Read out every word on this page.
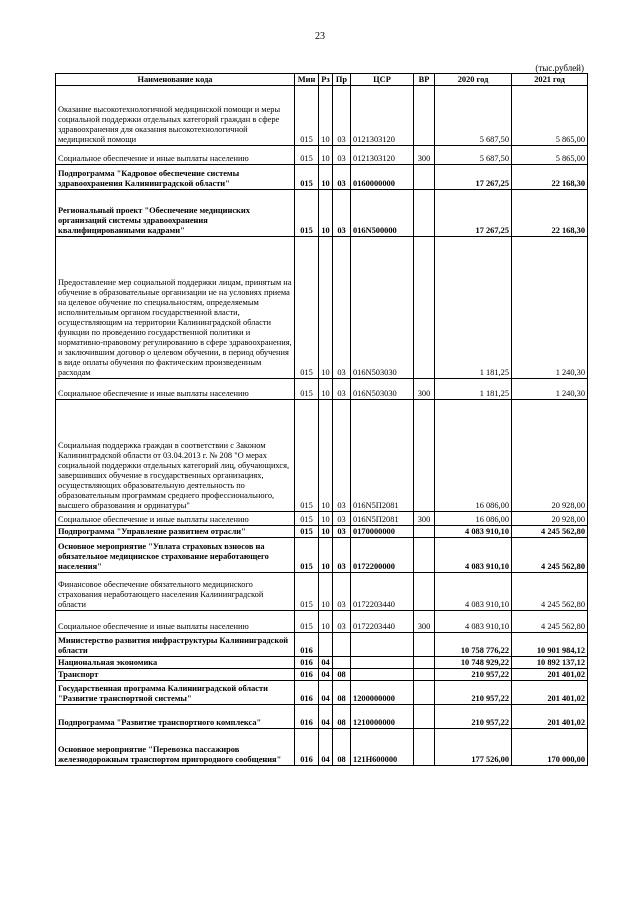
23
(тыс.рублей)
Наименование кода	Мин	Рз	Пр	ЦСР	ВР	2020 год	2021 год
Оказание высокотехнологичной медицинской помощи и меры социальной поддержки отдельных категорий граждан в сфере здравоохранения для оказания высокотехнологичной медицинской помощи	015	10	03	0121303120		5 687,50	5 865,00
Социальное обеспечение и иные выплаты населению	015	10	03	0121303120	300	5 687,50	5 865,00
Подпрограмма "Кадровое обеспечение системы здравоохранения Калининградской области"	015	10	03	0160000000		17 267,25	22 168,30
Региональный проект "Обеспечение медицинских организаций системы здравоохранения квалифицированными кадрами"	015	10	03	016N500000		17 267,25	22 168,30
Предоставление мер социальной поддержки лицам, принятым на обучение в образовательные организации не на условиях приема на целевое обучение по специальностям, определяемым исполнительным органом государственной власти, осуществляющим на территории Калининградской области функции по проведению государственной политики и нормативно-правовому регулированию в сфере здравоохранения, и заключившим договор о целевом обучении, в период обучения в виде оплаты обучения по фактическим произведенным расходам	015	10	03	016N503030		1 181,25	1 240,30
Социальное обеспечение и иные выплаты населению	015	10	03	016N503030	300	1 181,25	1 240,30
Социальная поддержка граждан в соответствии с Законом Калининградской области от 03.04.2013 г. № 208 "О мерах социальной поддержки отдельных категорий лиц, обучающихся, завершивших обучение в государственных организациях, осуществляющих образовательную деятельность по образовательным программам среднего профессионального, высшего образования и ординатуры"	015	10	03	016N5П2081		16 086,00	20 928,00
Социальное обеспечение и иные выплаты населению	015	10	03	016N5П2081	300	16 086,00	20 928,00
Подпрограмма "Управление развитием отрасли"	015	10	03	0170000000		4 083 910,10	4 245 562,80
Основное мероприятие "Уплата страховых взносов на обязательное медицинское страхование неработающего населения"	015	10	03	0172200000		4 083 910,10	4 245 562,80
Финансовое обеспечение обязательного медицинского страхования неработающего населения Калининградской области	015	10	03	0172203440		4 083 910,10	4 245 562,80
Социальное обеспечение и иные выплаты населению	015	10	03	0172203440	300	4 083 910,10	4 245 562,80
Министерство развития инфраструктуры Калининградской области	016					10 758 776,22	10 901 984,12
Национальная экономика	016	04				10 748 929,22	10 892 137,12
Транспорт	016	04	08			210 957,22	201 401,02
Государственная программа Калининградской области "Развитие транспортной системы"	016	04	08	1200000000		210 957,22	201 401,02
Подпрограмма "Развитие транспортного комплекса"	016	04	08	1210000000		210 957,22	201 401,02
Основное мероприятие "Перевозка пассажиров железнодорожным транспортом пригородного сообщения"	016	04	08	121Н600000		177 526,00	170 000,00
